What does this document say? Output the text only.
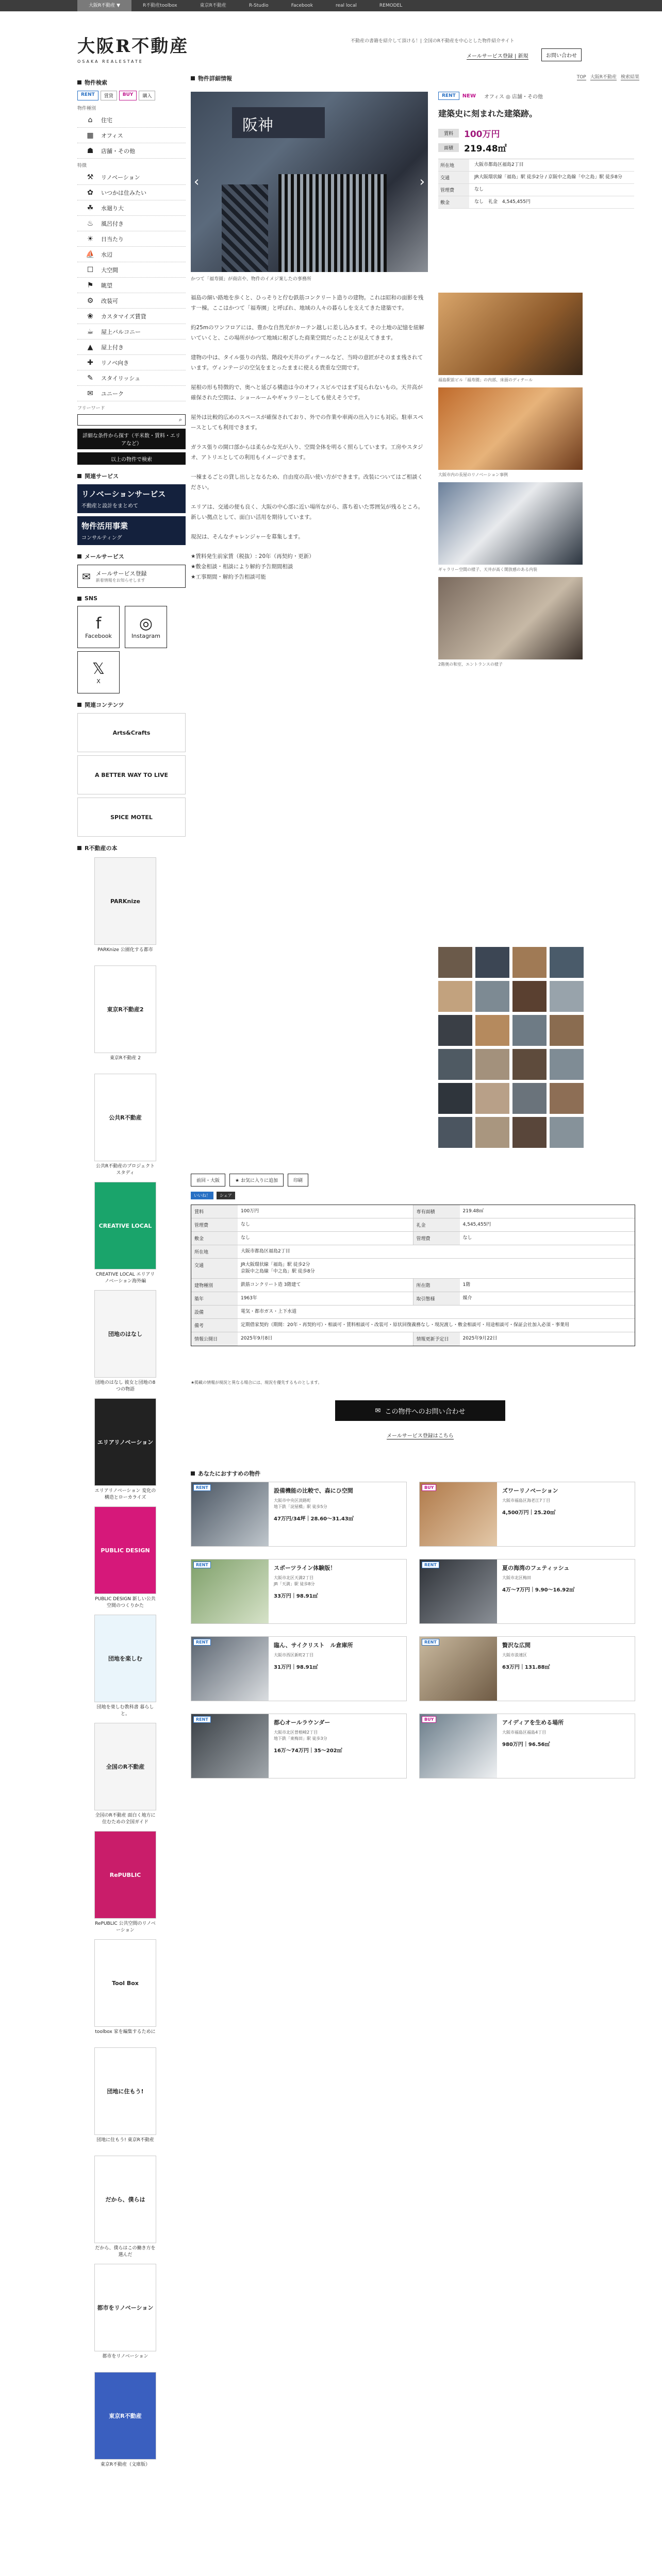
大阪R不動産 ▼	R不動産toolbox	東京R不動産	R-Studio	Facebook	real local	REMODEL
大阪R不動産
OSAKA REALESTATE
不動産の書籍を紹介して頂ける！| 全国のR不動産を中心とした物件紹介サイト
メールサービス登録 | 新規	お問い合わせ
物件検索
RENT	賃貸	BUY	購入
物件種別
⌂	住宅
▦ オフィス
☗ 店舗・その他
特徴
⚒ リノベーション
✿ いつかは住みたい
☘ 水廻り大
♨ 風呂付き
☀ 日当たり
⛵ 水辺
☐ 大空間
⚑ 眺望
⚙ 改装可
❀ カスタマイズ賃貸
☕ 屋上バルコニー
▲	屋上付き
✚ リノベ向き
✎ スタイリッシュ
✉ ユニーク
フリーワード
⌕
詳細な条件から探す（平米数・賃料・エリアなど）
以上の物件で検索
関連サービス
リノベーションサービス
不動産と設計をまとめて
物件活用事業
コンサルティング
メールサービス
✉ メールサービス登録
新着情報をお知らせします
SNS
f
Facebook
◎
Instagram
𝕏
X
関連コンテンツ
Arts&Crafts
A BETTER WAY TO LIVE
SPICE MOTEL
R不動産の本
PARKnize
PARKnize 公園化する都市
東京R不動産2
東京R不動産 2
公共R不動産
公共R不動産のプロジェクトスタディ
CREATIVE LOCAL
CREATIVE LOCAL エリアリノベーション海外編
団地のはなし
団地のはなし 彼女と団地の8つの物語
エリアリノベーション
エリアリノベーション 変化の構造とローカライズ
PUBLIC DESIGN
PUBLIC DESIGN 新しい公共空間のつくりかた
団地を楽しむ
団地を楽しむ教科書 暮らしと。
全国のR不動産
全国のR不動産 面白く地方に住むための全国ガイド
RePUBLIC
RePUBLIC 公共空間のリノベーション
Tool Box
toolbox 家を編集するために
団地に住もう!
団地に住もう! 東京R不動産
だから、僕らは
だから、僕らはこの働き方を選んだ
都市をリノベーション
都市をリノベーション
東京R不動産
東京R不動産（文庫版）
物件詳細情報	TOP 大阪R不動産 検索結果
阪神
‹	›
かつて「福寿園」が商店や、物件のイメジ案したの事務所
RENT	NEW オフィス ◎ 店舗・その他
建築史に刻まれた建築跡。
賃料	100万円
面積	219.48㎡
所在地	大阪市都島区福島2丁目
交通	JR大阪環状線「福島」駅 徒歩2分 / 京阪中之島線「中之島」駅 徒歩8分
管理費	なし
敷金	なし　礼金　4,545,455円

福島の細い路地を歩くと、ひっそりと佇む鉄筋コンクリート造りの建物。これは昭和の面影を残す一棟。ここはかつて「福寿園」と呼ばれ、地域の人々の暮らしを支えてきた建築です。

約25mのワンフロアには、豊かな自然光がカーテン越しに差し込みます。その土地の記憶を紐解いていくと、この場所がかつて地域に根ざした商業空間だったことが見えてきます。

建物の中は、タイル張りの内装、階段や天井のディテールなど、当時の意匠がそのまま残されています。ヴィンテージの空気をまとったままに使える貴重な空間です。

屋根の形も特徴的で、奥へと延びる構造は今のオフィスビルではまず見られないもの。天井高が確保された空間は、ショールームやギャラリーとしても使えそうです。

屋外は比較的広めのスペースが確保されており、外での作業や車両の出入りにも対応。駐車スペースとしても利用できます。

ガラス張りの開口部からは柔らかな光が入り、空間全体を明るく照らしています。工房やスタジオ、アトリエとしての利用もイメージできます。

一棟まるごとの貸し出しとなるため、自由度の高い使い方ができます。改装についてはご相談ください。

エリアは、交通の便も良く、大阪の中心部に近い場所ながら、落ち着いた雰囲気が残るところ。新しい拠点として、面白い活用を期待しています。

現況は、そんなチャレンジャーを募集します。

★賃料発生前家賃（税抜）: 20年（再契約・更新）
★敷金相談・相談により解約予告期間相談
★工事期間・解約予告相談可能

福島駅前ビル「福寿園」の内部、床面のディテール
大阪市内の長屋のリノベーション事例
ギャラリー空間の様子、天井が高く開放感のある内装
2階奥の和室、エントランスの様子
前回・大阪	★ お気に入りに追加	印刷
いいね！	シェア
賃料	100万円	専有面積	219.48㎡
管理費	なし	礼金	4,545,455円
敷金	なし	管理費	なし
所在地	大阪市都島区福島2丁目
交通	JR大阪環状線「福島」駅 徒歩2分
京阪中之島線「中之島」駅 徒歩8分
建物種別	鉄筋コンクリート造 3階建て	所在階	1階
築年	1963年	取引態様	媒介
設備	電気・都市ガス・上下水道
備考	定期借家契約（期間：20年・再契約可）・相談可・賃料相談可・改装可・原状回復義務なし・現況渡し・敷金相談可・用途相談可・保証会社加入必須・事業用
情報公開日	2025年9月8日	情報更新予定日	2025年9月22日
★掲載の情報が現況と異なる場合には、現況を優先するものとします。
✉ この物件へのお問い合わせ
メールサービス登録はこちら
あなたにおすすめの物件
RENT	設備機能の比較で、森にひ空間
大阪市中央区淡路町
地下鉄「淀屋橋」駅 徒歩5分
47万円/34坪｜28.60〜31.43㎡
BUY	ズワーリノベーション
大阪市福島区海老江7丁目
4,500万円｜25.20㎡
RENT	スポーツライン体験版！
大阪市北区天満2丁目
JR「天満」駅 徒歩8分
33万円｜98.91㎡
RENT	夏の海湾のフェティッシュ
大阪市北区梅田
4万〜7万円｜9.90〜16.92㎡
RENT	臨ん、サイクリスト　ル倉庫所
大阪市西区新町2丁目
31万円｜98.91㎡
RENT	贅沢な広間
大阪市浪速区
63万円｜131.88㎡
RENT	都心オールラウンダー
大阪市北区曽根崎2丁目
地下鉄「東梅田」駅 徒歩3分
16万〜74万円｜35〜202㎡
BUY	アイディアを生める場所
大阪市福島区福島4丁目
980万円｜96.56㎡
